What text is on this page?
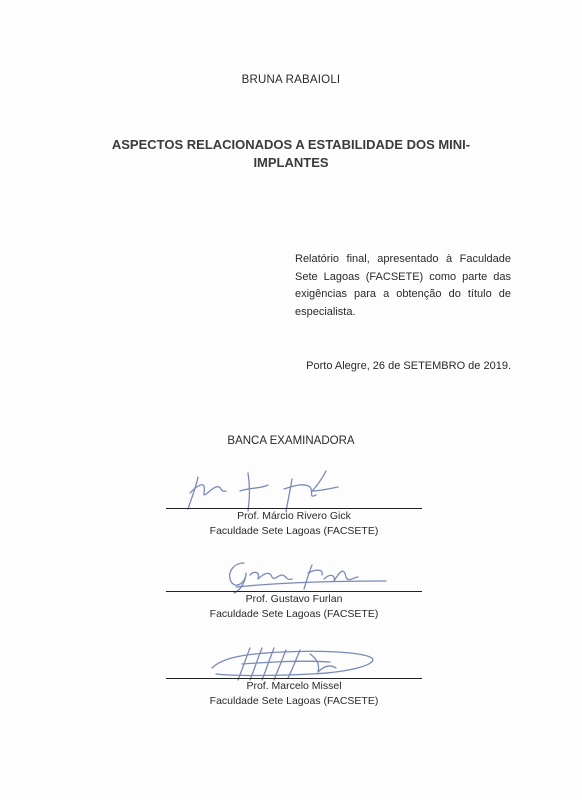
BRUNA RABAIOLI
ASPECTOS RELACIONADOS A ESTABILIDADE DOS MINI-
IMPLANTES
Relatório final, apresentado à Faculdade Sete Lagoas (FACSETE) como parte das exigências para a obtenção do título de especialista.
Porto Alegre, 26 de SETEMBRO de 2019.
BANCA EXAMINADORA
Prof. Márcio Rivero Gick
Faculdade Sete Lagoas (FACSETE)
Prof. Gustavo Furlan
Faculdade Sete Lagoas (FACSETE)
Prof. Marcelo Missel
Faculdade Sete Lagoas (FACSETE)
